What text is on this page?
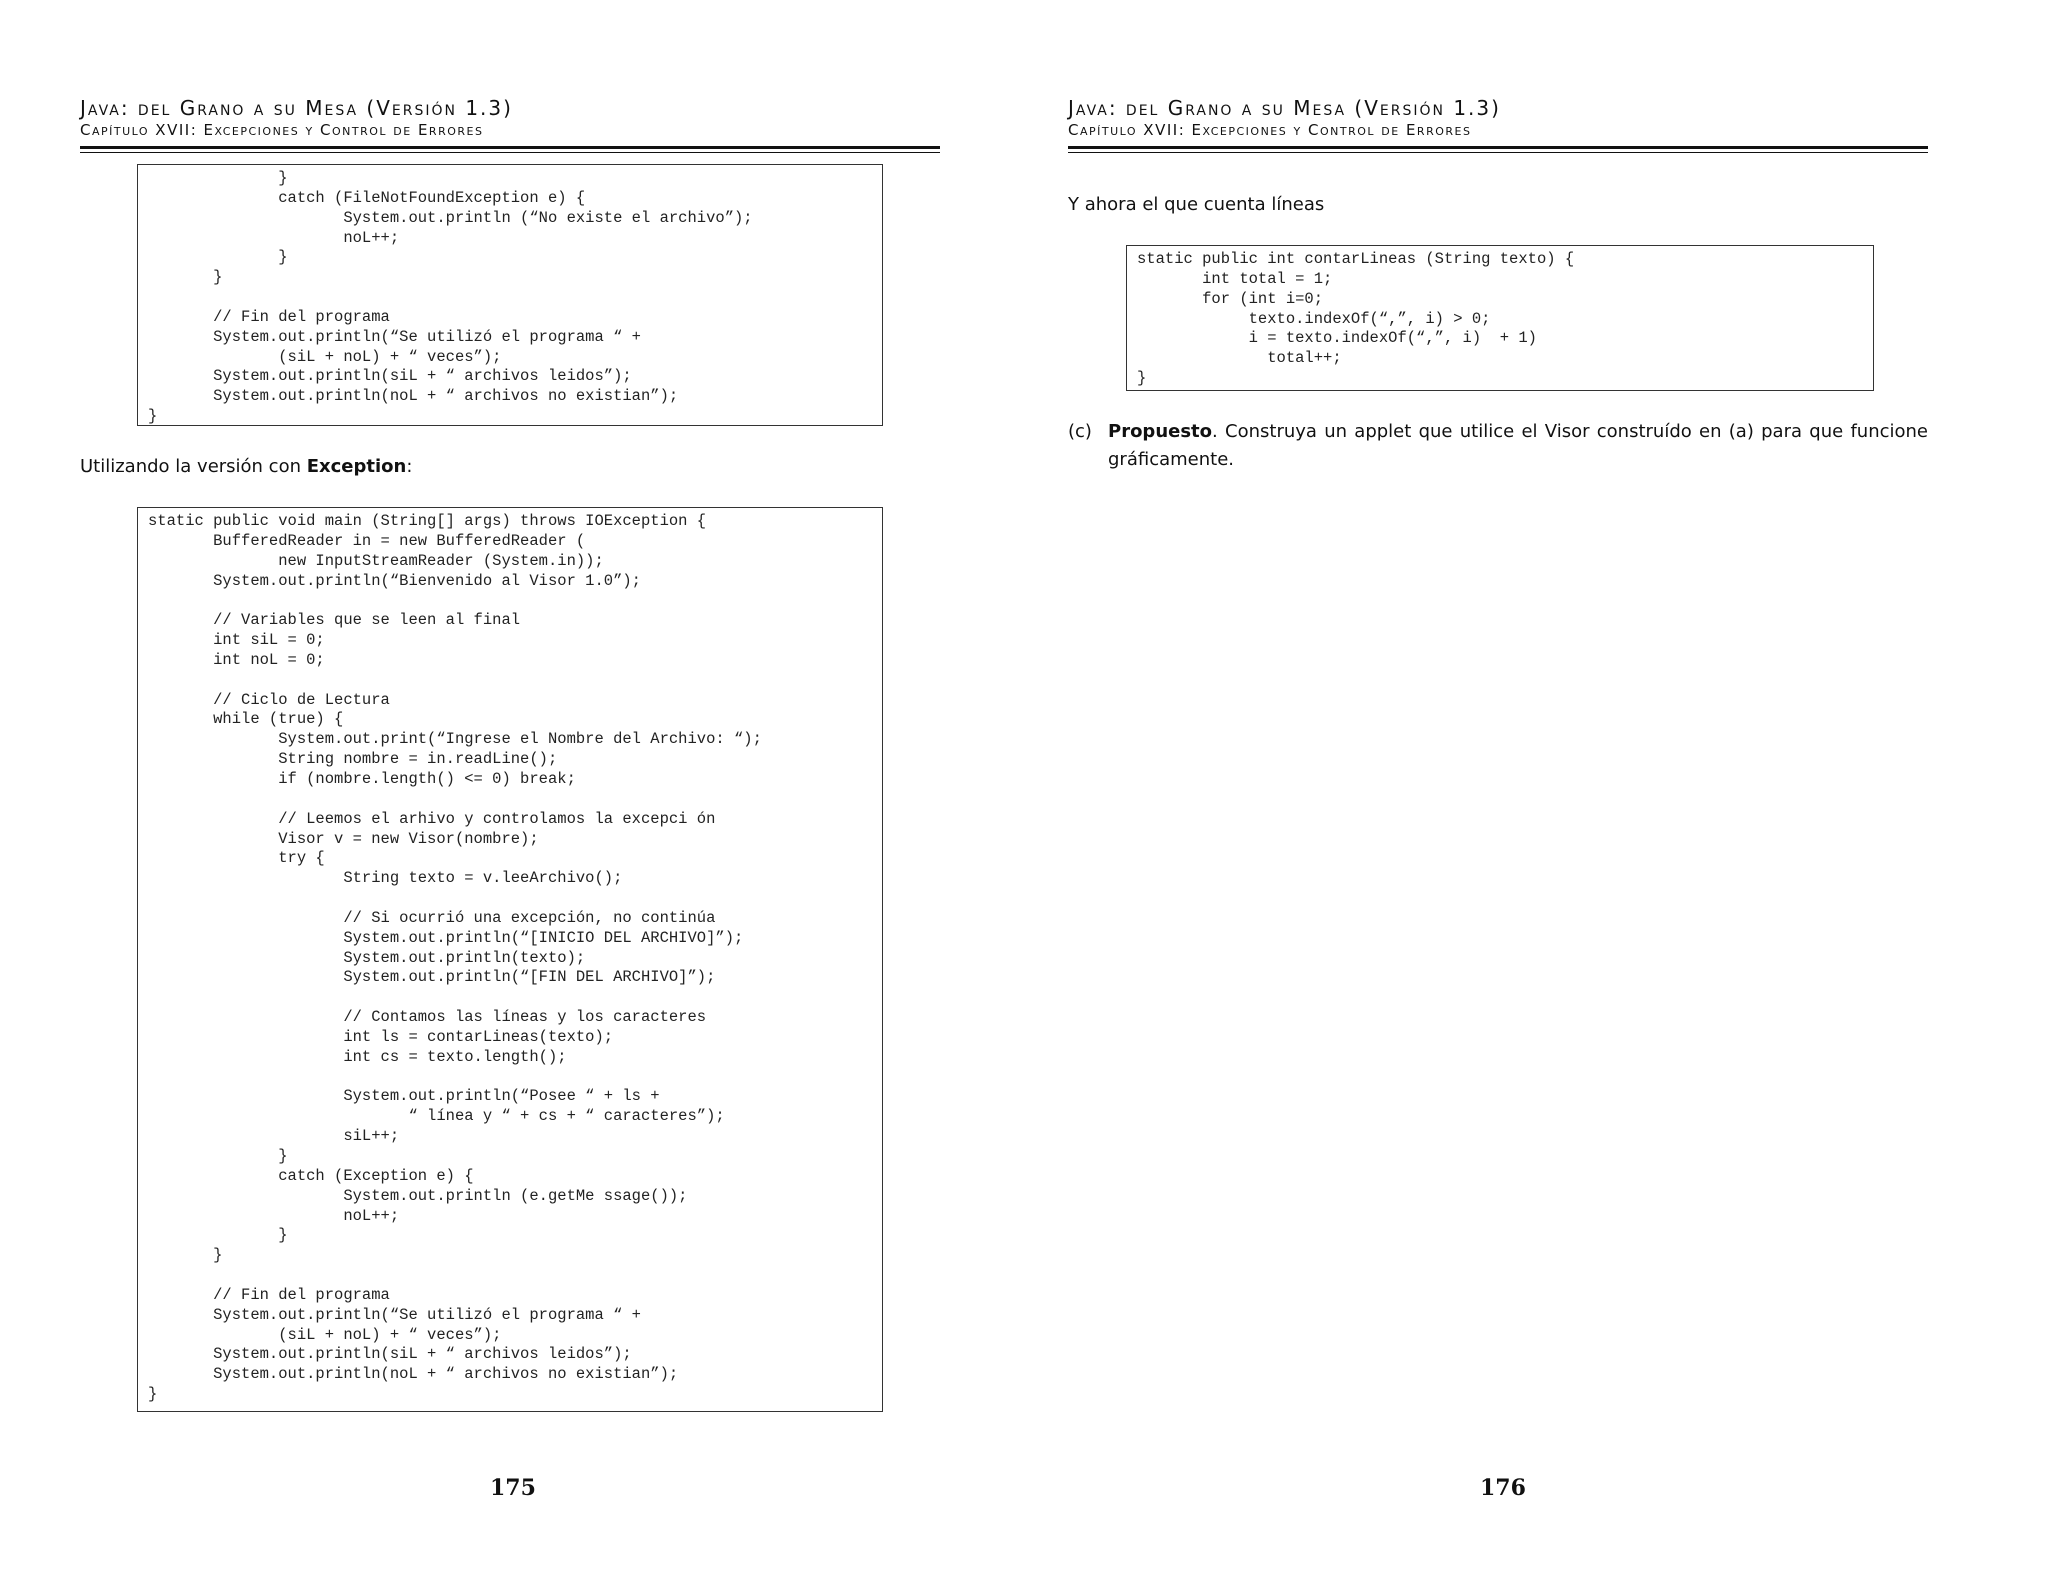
Java: del Grano a su Mesa (Versión 1.3)
Capítulo XVII: Excepciones y Control de Errores
}
catch (FileNotFoundException e) {
System.out.println (“No existe el archivo”);
noL++;
}
}
// Fin del programa
System.out.println(“Se utilizó el programa “ +
(siL + noL) + “ veces”);
System.out.println(siL + “ archivos leidos”);
System.out.println(noL + “ archivos no existian”);
}
Utilizando la versión con Exception:
static public void main (String[] args) throws IOException {
BufferedReader in = new BufferedReader (
new InputStreamReader (System.in));
System.out.println(“Bienvenido al Visor 1.0”);
// Variables que se leen al final
int siL = 0;
int noL = 0;
// Ciclo de Lectura
while (true) {
System.out.print(“Ingrese el Nombre del Archivo: “);
String nombre = in.readLine();
if (nombre.length() <= 0) break;
// Leemos el arhivo y controlamos la excepci ón
Visor v = new Visor(nombre);
try {
String texto = v.leeArchivo();
// Si ocurrió una excepción, no continúa
System.out.println(“[INICIO DEL ARCHIVO]”);
System.out.println(texto);
System.out.println(“[FIN DEL ARCHIVO]”);
// Contamos las líneas y los caracteres
int ls = contarLineas(texto);
int cs = texto.length();
System.out.println(“Posee “ + ls +
“ línea y “ + cs + “ caracteres”);
siL++;
}
catch (Exception e) {
System.out.println (e.getMe ssage());
noL++;
}
}
// Fin del programa
System.out.println(“Se utilizó el programa “ +
(siL + noL) + “ veces”);
System.out.println(siL + “ archivos leidos”);
System.out.println(noL + “ archivos no existian”);
}
175
Java: del Grano a su Mesa (Versión 1.3)
Capítulo XVII: Excepciones y Control de Errores
Y ahora el que cuenta líneas
static public int contarLineas (String texto) {
int total = 1;
for (int i=0;
texto.indexOf(“,”, i) > 0;
i = texto.indexOf(“,”, i)  + 1)
total++;
}
(c) Propuesto. Construya un applet que utilice el Visor construído en (a) para que funcione gráficamente.
176
